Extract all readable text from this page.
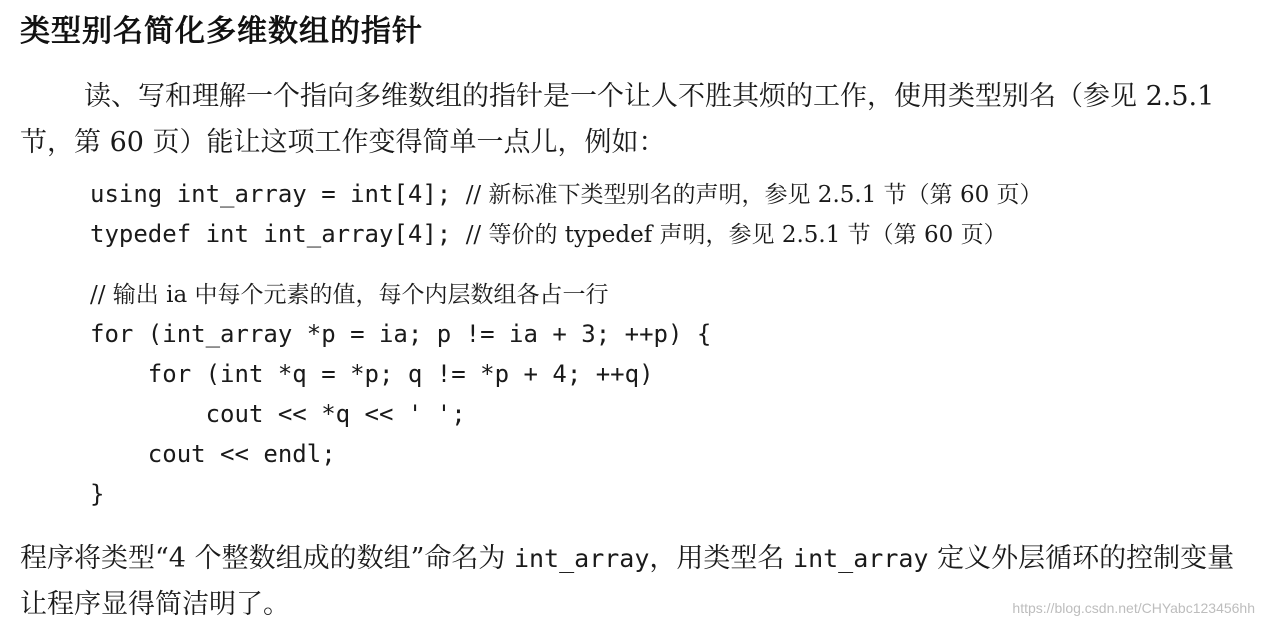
类型别名简化多维数组的指针
读、写和理解一个指向多维数组的指针是一个让人不胜其烦的工作，使用类型别名（参见 2.5.1 节，第 60 页）能让这项工作变得简单一点儿，例如：
using int_array = int[4]; // 新标准下类型别名的声明，参见 2.5.1 节（第 60 页）
typedef int int_array[4]; // 等价的 typedef 声明，参见 2.5.1 节（第 60 页）
// 输出 ia 中每个元素的值，每个内层数组各占一行
for (int_array *p = ia; p != ia + 3; ++p) {
for (int *q = *p; q != *p + 4; ++q)
cout << *q << ' ';
cout << endl;
}
程序将类型“4 个整数组成的数组”命名为 int_array，用类型名 int_array 定义外层循环的控制变量让程序显得简洁明了。	https://blog.csdn.net/CHYabc123456hh
